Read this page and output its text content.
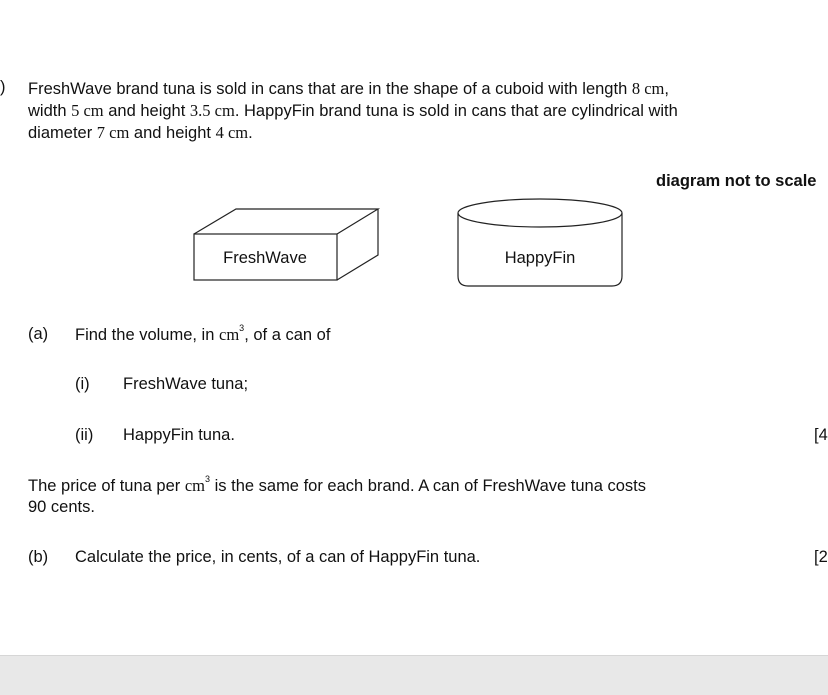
) FreshWave brand tuna is sold in cans that are in the shape of a cuboid with length 8 cm,
width 5 cm and height 3.5 cm. HappyFin brand tuna is sold in cans that are cylindrical with
diameter 7 cm and height 4 cm.
diagram not to scale
FreshWave	HappyFin
(a) Find the volume, in $cm^3$, of a can of
(i) FreshWave tuna;
(ii) HappyFin tuna.	[4
The price of tuna per $cm^3$ is the same for each brand. A can of FreshWave tuna costs
90 cents.
(b) Calculate the price, in cents, of a can of HappyFin tuna.	[2
